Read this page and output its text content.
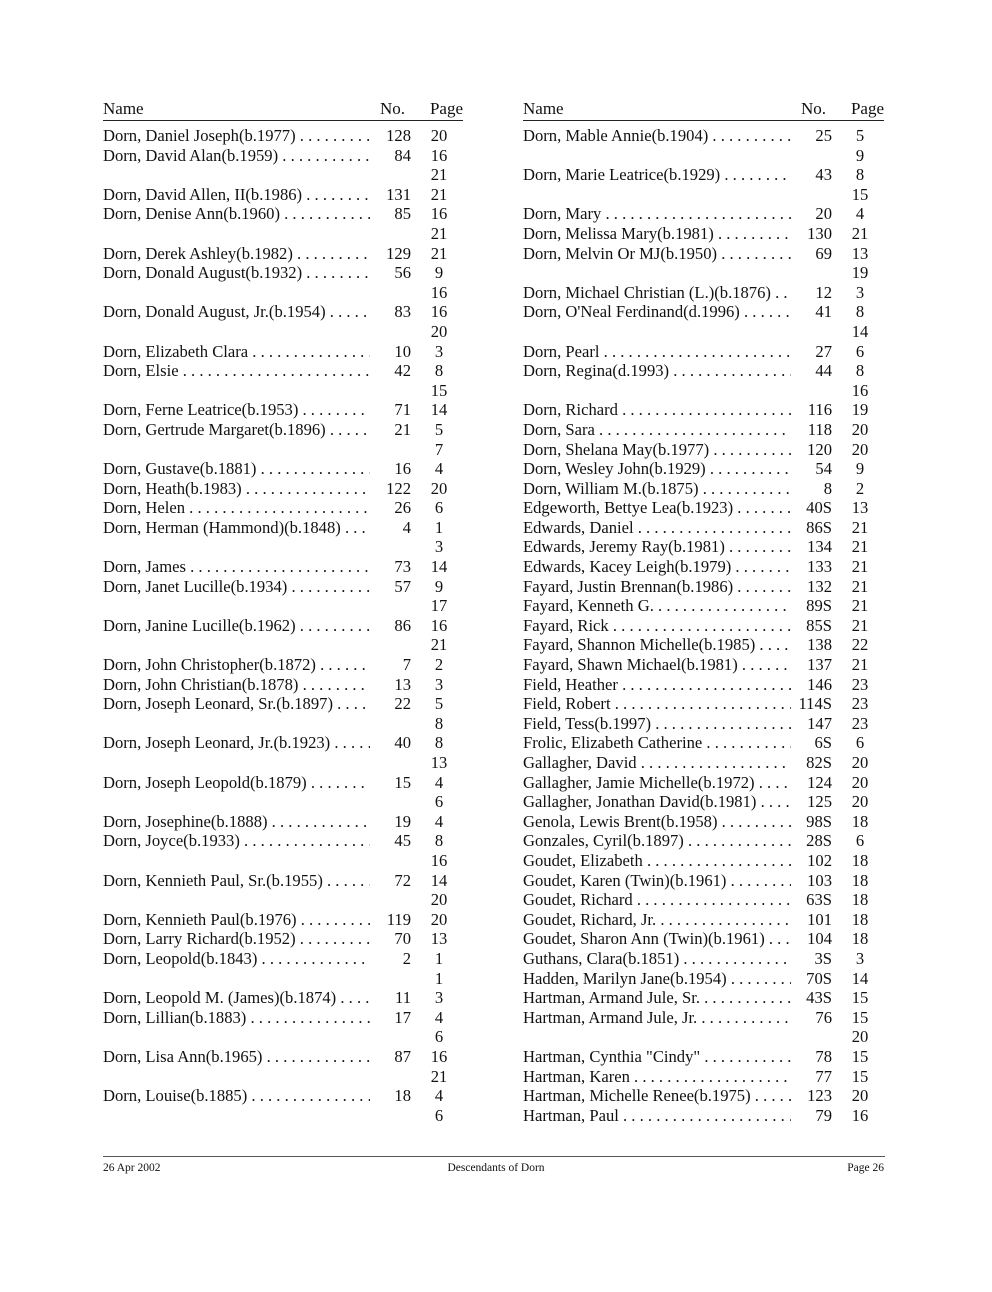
Name	No. Page
Dorn, Daniel Joseph(b.1977) . . .	128	20
Dorn, David Alan(b.1959) . . .	84	16
21
Dorn, David Allen, II(b.1986) . . .	131	21
Dorn, Denise Ann(b.1960) . . .	85	16
21
Dorn, Derek Ashley(b.1982) . . .	129	21
Dorn, Donald August(b.1932) . . .	56	9
16
Dorn, Donald August, Jr.(b.1954) . . .	83	16
20
Dorn, Elizabeth Clara . . .	10	3
Dorn, Elsie . . .	42	8
15
Dorn, Ferne Leatrice(b.1953) . . .	71	14
Dorn, Gertrude Margaret(b.1896) . . .	21	5
7
Dorn, Gustave(b.1881) . . .	16	4
Dorn, Heath(b.1983) . . .	122	20
Dorn, Helen . . .	26	6
Dorn, Herman (Hammond)(b.1848) . . .	4	1
3
Dorn, James . . .	73	14
Dorn, Janet Lucille(b.1934) . . .	57	9
17
Dorn, Janine Lucille(b.1962) . . .	86	16
21
Dorn, John Christopher(b.1872) . . .	7	2
Dorn, John Christian(b.1878) . . .	13	3
Dorn, Joseph Leonard, Sr.(b.1897) . . .	22	5
8
Dorn, Joseph Leonard, Jr.(b.1923) . . .	40	8
13
Dorn, Joseph Leopold(b.1879) . . .	15	4
6
Dorn, Josephine(b.1888) . . .	19	4
Dorn, Joyce(b.1933) . . .	45	8
16
Dorn, Kennieth Paul, Sr.(b.1955) . . .	72	14
20
Dorn, Kennieth Paul(b.1976) . . .	119	20
Dorn, Larry Richard(b.1952) . . .	70	13
Dorn, Leopold(b.1843) . . .	2	1
1
Dorn, Leopold M. (James)(b.1874) . . .	11	3
Dorn, Lillian(b.1883) . . .	17	4
6
Dorn, Lisa Ann(b.1965) . . .	87	16
21
Dorn, Louise(b.1885) . . .	18	4
6
Name	No. Page
Dorn, Mable Annie(b.1904) . . .	25	5
9
Dorn, Marie Leatrice(b.1929) . . .	43	8
15
Dorn, Mary . . .	20	4
Dorn, Melissa Mary(b.1981) . . .	130	21
Dorn, Melvin Or MJ(b.1950) . . .	69	13
19
Dorn, Michael Christian (L.)(b.1876) . . .	12	3
Dorn, O'Neal Ferdinand(d.1996) . . .	41	8
14
Dorn, Pearl . . .	27	6
Dorn, Regina(d.1993) . . .	44	8
16
Dorn, Richard . . .	116	19
Dorn, Sara . . .	118	20
Dorn, Shelana May(b.1977) . . .	120	20
Dorn, Wesley John(b.1929) . . .	54	9
Dorn, William M.(b.1875) . . .	8	2
Edgeworth, Bettye Lea(b.1923) . . .	40S	13
Edwards, Daniel . . .	86S	21
Edwards, Jeremy Ray(b.1981) . . .	134	21
Edwards, Kacey Leigh(b.1979) . . .	133	21
Fayard, Justin Brennan(b.1986) . . .	132	21
Fayard, Kenneth G. . . .	89S	21
Fayard, Rick . . .	85S	21
Fayard, Shannon Michelle(b.1985) . . .	138	22
Fayard, Shawn Michael(b.1981) . . .	137	21
Field, Heather . . .	146	23
Field, Robert . . .	114S	23
Field, Tess(b.1997) . . .	147	23
Frolic, Elizabeth Catherine . . .	6S	6
Gallagher, David . . .	82S	20
Gallagher, Jamie Michelle(b.1972) . . .	124	20
Gallagher, Jonathan David(b.1981) . . .	125	20
Genola, Lewis Brent(b.1958) . . .	98S	18
Gonzales, Cyril(b.1897) . . .	28S	6
Goudet, Elizabeth . . .	102	18
Goudet, Karen (Twin)(b.1961) . . .	103	18
Goudet, Richard . . .	63S	18
Goudet, Richard, Jr. . . .	101	18
Goudet, Sharon Ann (Twin)(b.1961) . . .	104	18
Guthans, Clara(b.1851) . . .	3S	3
Hadden, Marilyn Jane(b.1954) . . .	70S	14
Hartman, Armand Jule, Sr. . . .	43S	15
Hartman, Armand Jule, Jr. . . .	76	15
20
Hartman, Cynthia "Cindy" . . .	78	15
Hartman, Karen . . .	77	15
Hartman, Michelle Renee(b.1975) . . .	123	20
Hartman, Paul . . .	79	16
26 Apr 2002	Descendants of Dorn	Page 26
